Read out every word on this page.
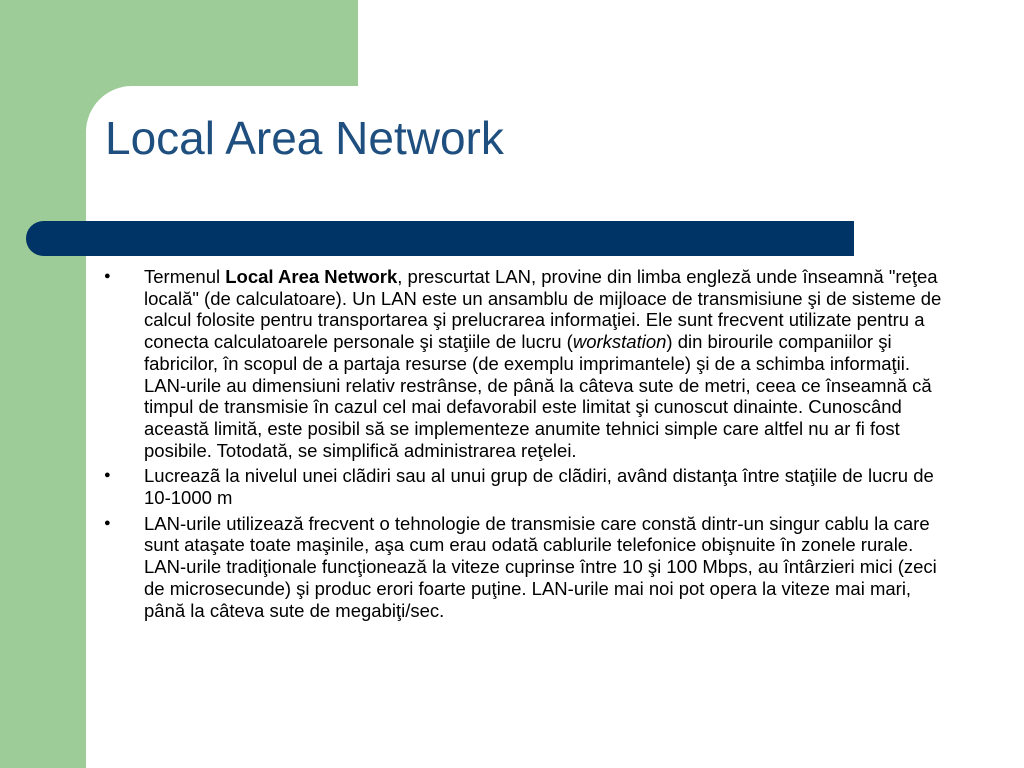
Local Area Network
●	Termenul Local Area Network, prescurtat LAN, provine din limba engleză unde înseamnă "reţea locală" (de calculatoare). Un LAN este un ansamblu de mijloace de transmisiune şi de sisteme de calcul folosite pentru transportarea şi prelucrarea informaţiei. Ele sunt frecvent utilizate pentru a conecta calculatoarele personale şi staţiile de lucru (workstation) din birourile companiilor şi fabricilor, în scopul de a partaja resurse (de exemplu imprimantele) şi de a schimba informaţii. LAN-urile au dimensiuni relativ restrânse, de până la câteva sute de metri, ceea ce înseamnă că timpul de transmisie în cazul cel mai defavorabil este limitat şi cunoscut dinainte. Cunoscând această limită, este posibil să se implementeze anumite tehnici simple care altfel nu ar fi fost posibile. Totodată, se simplifică administrarea reţelei.
●	Lucreazã la nivelul unei clãdiri sau al unui grup de clãdiri, având distanţa între staţiile de lucru de 10-1000 m
●	LAN-urile utilizează frecvent o tehnologie de transmisie care constă dintr-un singur cablu la care sunt ataşate toate maşinile, aşa cum erau odată cablurile telefonice obişnuite în zonele rurale. LAN-urile tradiţionale funcţionează la viteze cuprinse între 10 şi 100 Mbps, au întârzieri mici (zeci de microsecunde) şi produc erori foarte puţine. LAN-urile mai noi pot opera la viteze mai mari, până la câteva sute de megabiţi/sec.
